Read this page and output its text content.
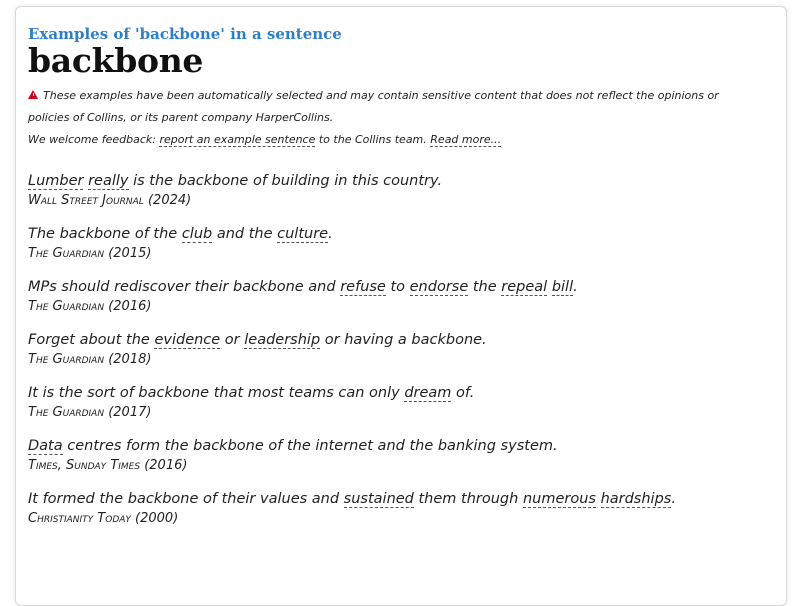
Examples of 'backbone' in a sentence
backbone

These examples have been automatically selected and may contain sensitive content that does not reflect the opinions or policies of Collins, or its parent company HarperCollins.

We welcome feedback: report an example sentence to the Collins team. Read more...

Lumber really is the backbone of building in this country.
Wall Street Journal (2024)
The backbone of the club and the culture.
The Guardian (2015)
MPs should rediscover their backbone and refuse to endorse the repeal bill.
The Guardian (2016)
Forget about the evidence or leadership or having a backbone.
The Guardian (2018)
It is the sort of backbone that most teams can only dream of.
The Guardian (2017)
Data centres form the backbone of the internet and the banking system.
Times, Sunday Times (2016)
It formed the backbone of their values and sustained them through numerous hardships.
Christianity Today (2000)
